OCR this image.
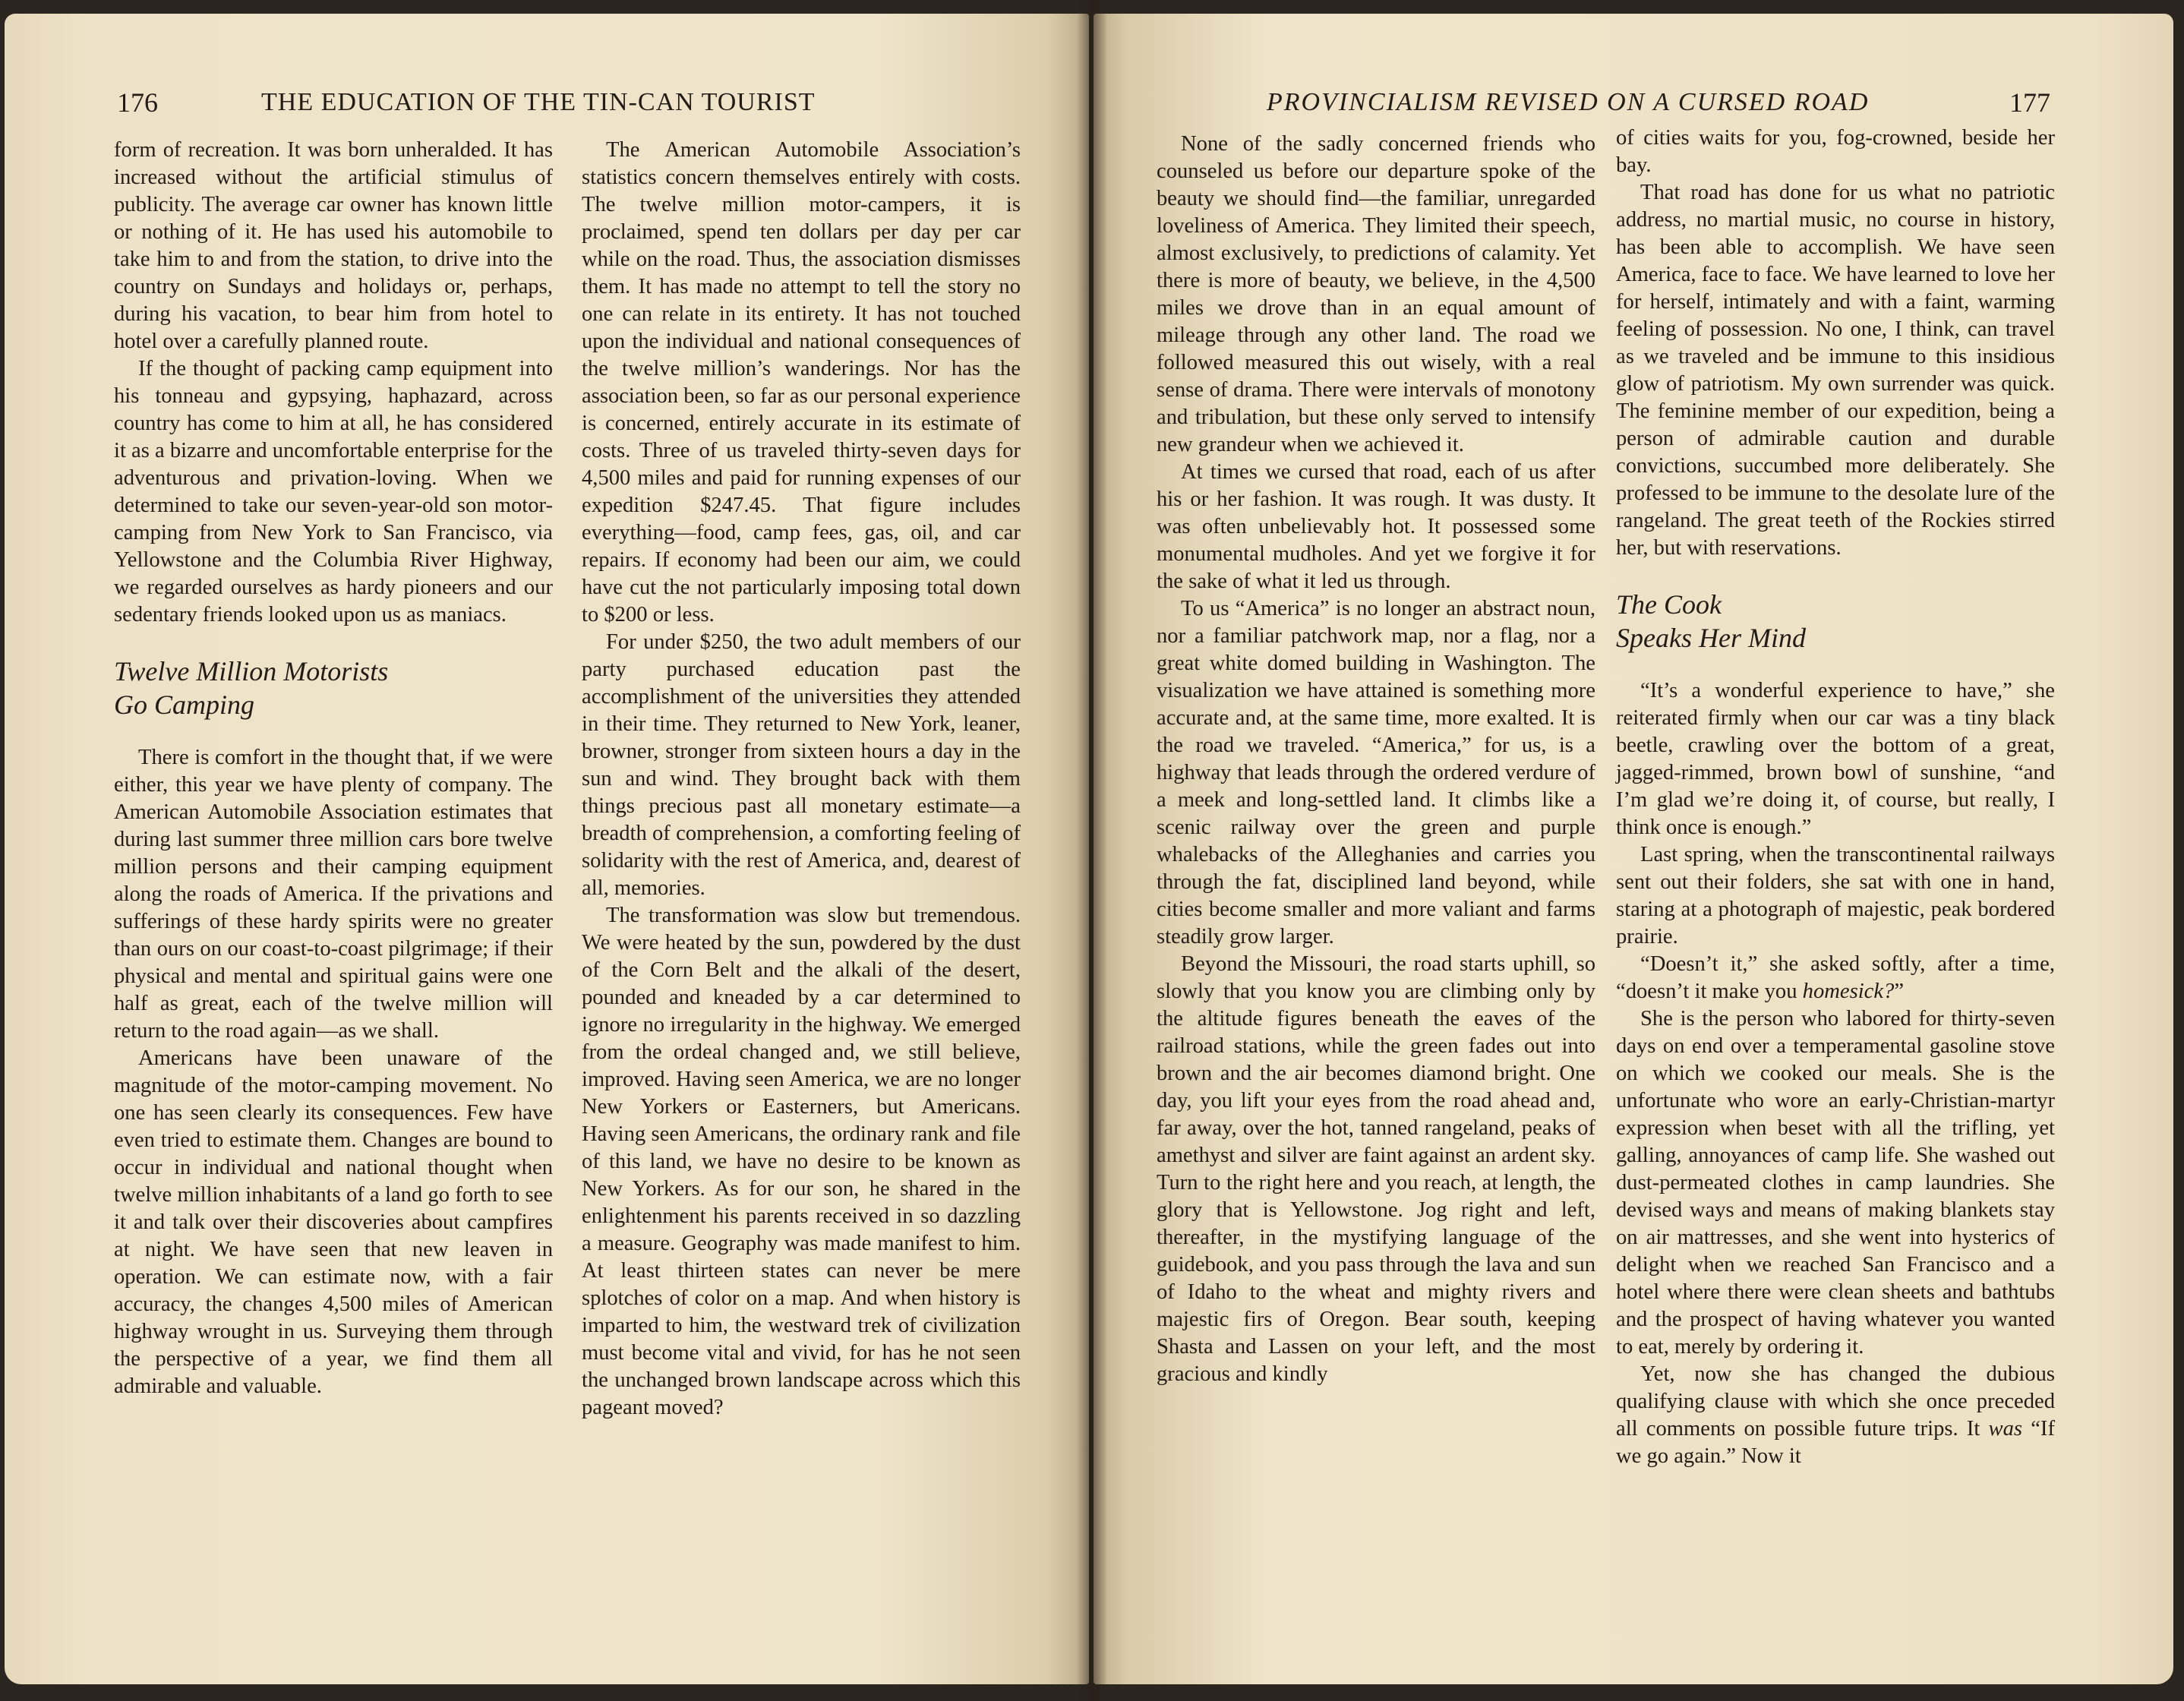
176	THE EDUCATION OF THE TIN-CAN TOURIST

form of recreation. It was born unheralded. It has increased without the artificial stimulus of publicity. The average car owner has known little or nothing of it. He has used his automobile to take him to and from the station, to drive into the country on Sundays and holidays or, perhaps, during his vacation, to bear him from hotel to hotel over a carefully planned route.

If the thought of packing camp equipment into his tonneau and gypsying, haphazard, across country has come to him at all, he has considered it as a bizarre and uncomfortable enterprise for the adventurous and privation-loving. When we determined to take our seven-year-old son motor-camping from New York to San Francisco, via Yellowstone and the Columbia River Highway, we regarded ourselves as hardy pioneers and our sedentary friends looked upon us as maniacs.

Twelve Million Motorists
Go Camping

There is comfort in the thought that, if we were either, this year we have plenty of company. The American Automobile Association estimates that during last summer three million cars bore twelve million persons and their camping equipment along the roads of America. If the privations and sufferings of these hardy spirits were no greater than ours on our coast-to-coast pilgrimage; if their physical and mental and spiritual gains were one half as great, each of the twelve million will return to the road again—as we shall.

Americans have been unaware of the magnitude of the motor-camping movement. No one has seen clearly its consequences. Few have even tried to estimate them. Changes are bound to occur in individual and national thought when twelve million inhabitants of a land go forth to see it and talk over their discoveries about campfires at night. We have seen that new leaven in operation. We can estimate now, with a fair accuracy, the changes 4,500 miles of American highway wrought in us. Surveying them through the perspective of a year, we find them all admirable and valuable.

The American Automobile Association’s statistics concern themselves entirely with costs. The twelve million motor-campers, it is proclaimed, spend ten dollars per day per car while on the road. Thus, the association dismisses them. It has made no attempt to tell the story no one can relate in its entirety. It has not touched upon the individual and national consequences of the twelve million’s wanderings. Nor has the association been, so far as our personal experience is concerned, entirely accurate in its estimate of costs. Three of us traveled thirty-seven days for 4,500 miles and paid for running expenses of our expedition $247.45. That figure includes everything—food, camp fees, gas, oil, and car repairs. If economy had been our aim, we could have cut the not particularly imposing total down to $200 or less.

For under $250, the two adult members of our party purchased education past the accomplishment of the universities they attended in their time. They returned to New York, leaner, browner, stronger from sixteen hours a day in the sun and wind. They brought back with them things precious past all monetary estimate—a breadth of comprehension, a comforting feeling of solidarity with the rest of America, and, dearest of all, memories.

The transformation was slow but tremendous. We were heated by the sun, powdered by the dust of the Corn Belt and the alkali of the desert, pounded and kneaded by a car determined to ignore no irregularity in the highway. We emerged from the ordeal changed and, we still believe, improved. Having seen America, we are no longer New Yorkers or Easterners, but Americans. Having seen Americans, the ordinary rank and file of this land, we have no desire to be known as New Yorkers. As for our son, he shared in the enlightenment his parents received in so dazzling a measure. Geography was made manifest to him. At least thirteen states can never be mere splotches of color on a map. And when history is imparted to him, the westward trek of civilization must become vital and vivid, for has he not seen the unchanged brown landscape across which this pageant moved?

PROVINCIALISM REVISED ON A CURSED ROAD	177

None of the sadly concerned friends who counseled us before our departure spoke of the beauty we should find—the familiar, unregarded loveliness of America. They limited their speech, almost exclusively, to predictions of calamity. Yet there is more of beauty, we believe, in the 4,500 miles we drove than in an equal amount of mileage through any other land. The road we followed measured this out wisely, with a real sense of drama. There were intervals of monotony and tribulation, but these only served to intensify new grandeur when we achieved it.

At times we cursed that road, each of us after his or her fashion. It was rough. It was dusty. It was often unbelievably hot. It possessed some monumental mudholes. And yet we forgive it for the sake of what it led us through.

To us “America” is no longer an abstract noun, nor a familiar patchwork map, nor a flag, nor a great white domed building in Washington. The visualization we have attained is something more accurate and, at the same time, more exalted. It is the road we traveled. “America,” for us, is a highway that leads through the ordered verdure of a meek and long-settled land. It climbs like a scenic railway over the green and purple whalebacks of the Alleghanies and carries you through the fat, disciplined land beyond, while cities become smaller and more valiant and farms steadily grow larger.

Beyond the Missouri, the road starts uphill, so slowly that you know you are climbing only by the altitude figures beneath the eaves of the railroad stations, while the green fades out into brown and the air becomes diamond bright. One day, you lift your eyes from the road ahead and, far away, over the hot, tanned rangeland, peaks of amethyst and silver are faint against an ardent sky. Turn to the right here and you reach, at length, the glory that is Yellowstone. Jog right and left, thereafter, in the mystifying language of the guidebook, and you pass through the lava and sun of Idaho to the wheat and mighty rivers and majestic firs of Oregon. Bear south, keeping Shasta and Lassen on your left, and the most gracious and kindly

of cities waits for you, fog-crowned, beside her bay.

That road has done for us what no patriotic address, no martial music, no course in history, has been able to accomplish. We have seen America, face to face. We have learned to love her for herself, intimately and with a faint, warming feeling of possession. No one, I think, can travel as we traveled and be immune to this insidious glow of patriotism. My own surrender was quick. The feminine member of our expedition, being a person of admirable caution and durable convictions, succumbed more deliberately. She professed to be immune to the desolate lure of the rangeland. The great teeth of the Rockies stirred her, but with reservations.

The Cook
Speaks Her Mind

“It’s a wonderful experience to have,” she reiterated firmly when our car was a tiny black beetle, crawling over the bottom of a great, jagged-rimmed, brown bowl of sunshine, “and I’m glad we’re doing it, of course, but really, I think once is enough.”

Last spring, when the transcontinental railways sent out their folders, she sat with one in hand, staring at a photograph of majestic, peak bordered prairie.

“Doesn’t it,” she asked softly, after a time, “doesn’t it make you homesick?”

She is the person who labored for thirty-seven days on end over a temperamental gasoline stove on which we cooked our meals. She is the unfortunate who wore an early-Christian-martyr expression when beset with all the trifling, yet galling, annoyances of camp life. She washed out dust-permeated clothes in camp laundries. She devised ways and means of making blankets stay on air mattresses, and she went into hysterics of delight when we reached San Francisco and a hotel where there were clean sheets and bathtubs and the prospect of having whatever you wanted to eat, merely by ordering it.

Yet, now she has changed the dubious qualifying clause with which she once preceded all comments on possible future trips. It was “If we go again.” Now it
